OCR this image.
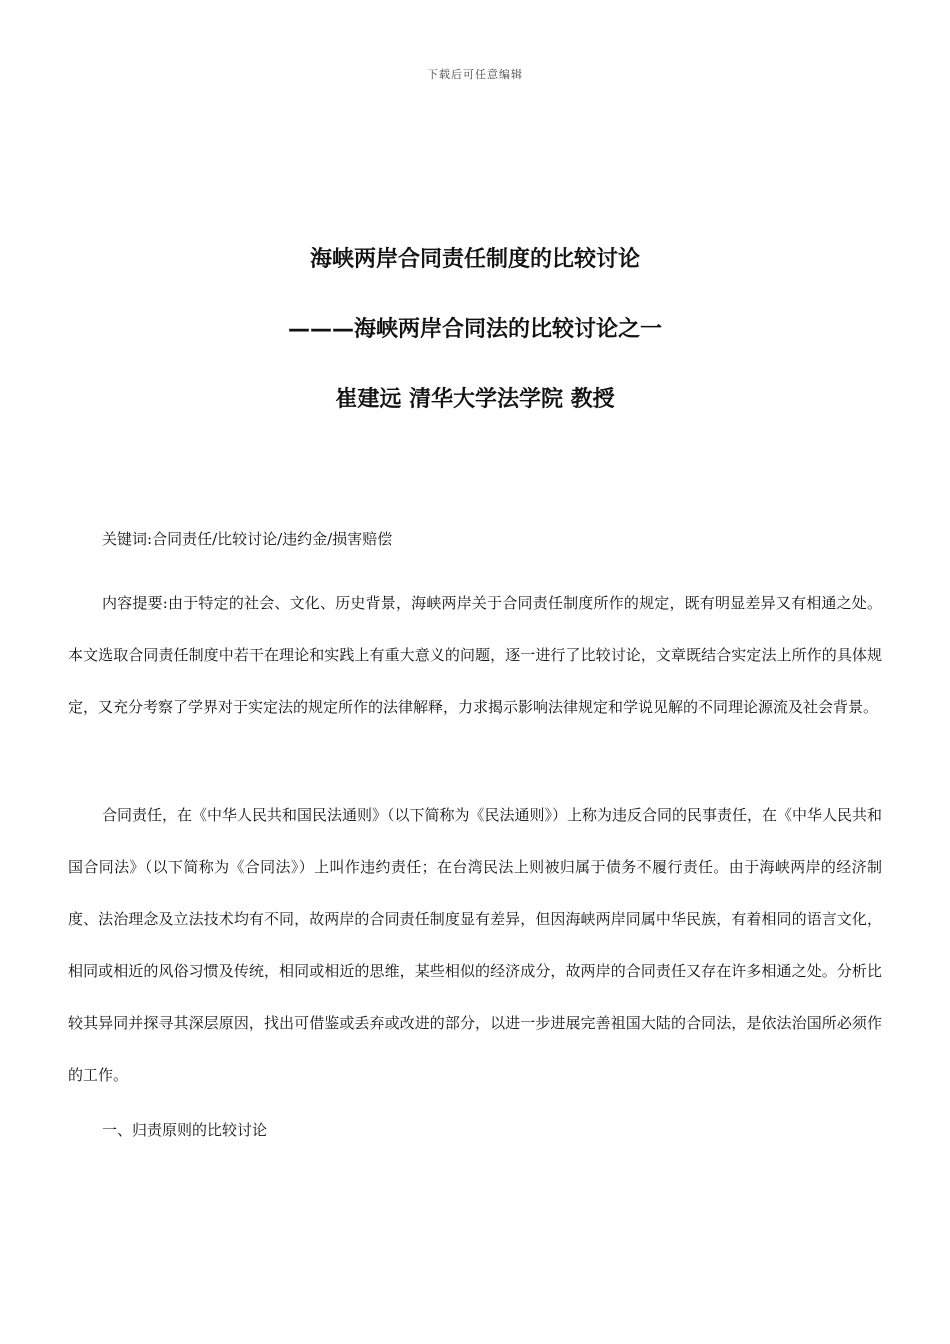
下载后可任意编辑
海峡两岸合同责任制度的比较讨论
———海峡两岸合同法的比较讨论之一
崔建远 清华大学法学院 教授
关键词:合同责任/比较讨论/违约金/损害赔偿
内容提要:由于特定的社会、文化、历史背景，海峡两岸关于合同责任制度所作的规定，既有明显差异又有相通之处。本文选取合同责任制度中若干在理论和实践上有重大意义的问题，逐一进行了比较讨论，文章既结合实定法上所作的具体规定，又充分考察了学界对于实定法的规定所作的法律解释，力求揭示影响法律规定和学说见解的不同理论源流及社会背景。
合同责任，在《中华人民共和国民法通则》（以下简称为《民法通则》）上称为违反合同的民事责任，在《中华人民共和国合同法》（以下简称为《合同法》）上叫作违约责任；在台湾民法上则被归属于债务不履行责任。由于海峡两岸的经济制度、法治理念及立法技术均有不同，故两岸的合同责任制度显有差异，但因海峡两岸同属中华民族，有着相同的语言文化，相同或相近的风俗习惯及传统，相同或相近的思维，某些相似的经济成分，故两岸的合同责任又存在许多相通之处。分析比较其异同并探寻其深层原因，找出可借鉴或丢弃或改进的部分，以进一步进展完善祖国大陆的合同法，是依法治国所必须作的工作。
一、归责原则的比较讨论
